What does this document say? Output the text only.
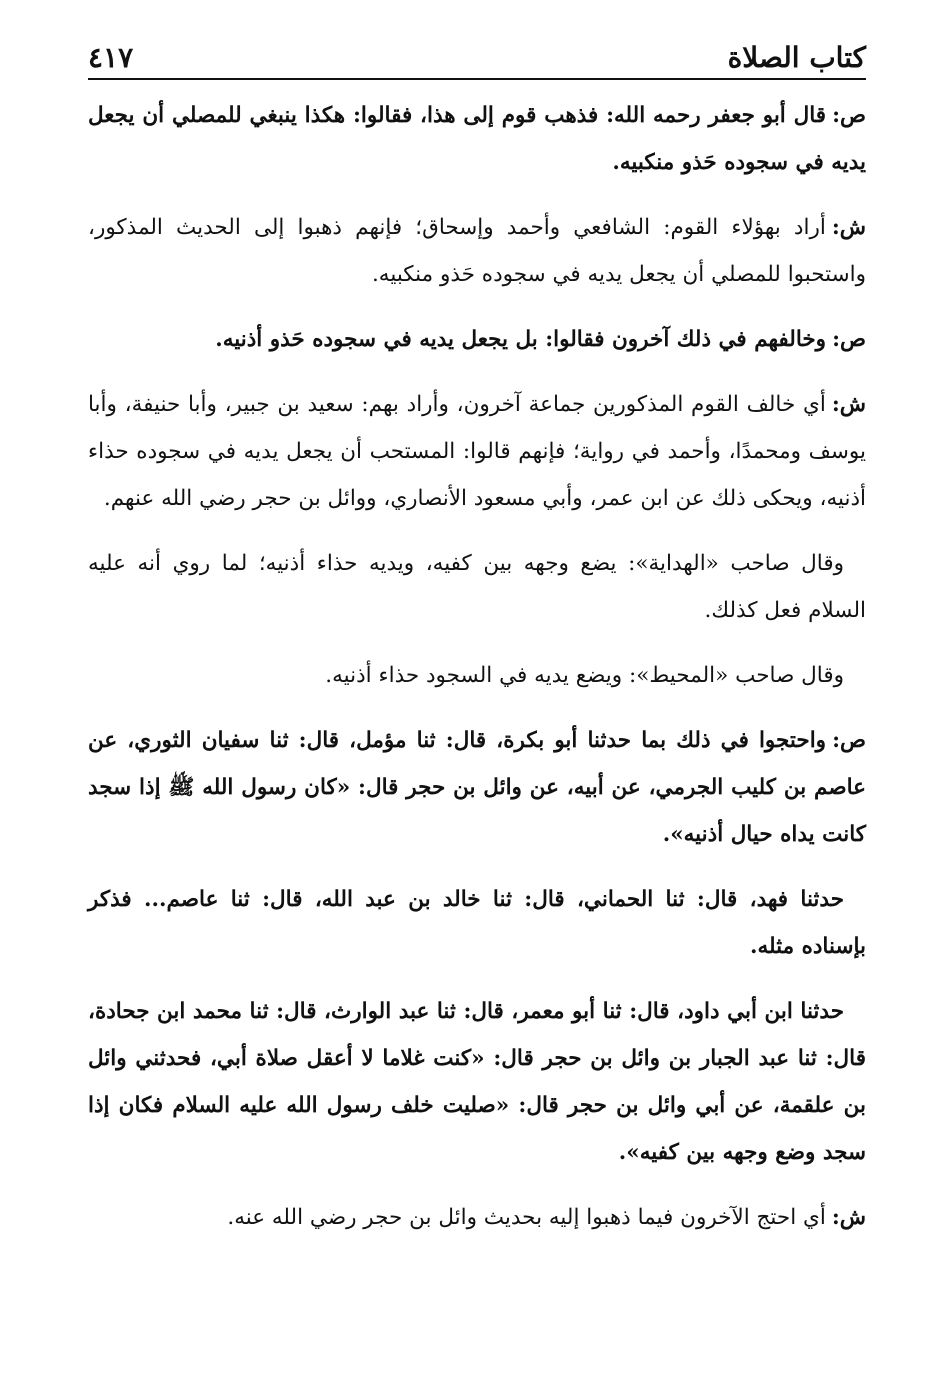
كتاب الصلاة
٤١٧

ص:قال أبو جعفر رحمه الله: فذهب قوم إلى هذا، فقالوا: هكذا ينبغي للمصلي أن يجعل يديه في سجوده حَذو منكبيه.

ش:أراد بهؤلاء القوم: الشافعي وأحمد وإسحاق؛ فإنهم ذهبوا إلى الحديث المذكور، واستحبوا للمصلي أن يجعل يديه في سجوده حَذو منكبيه.

ص:وخالفهم في ذلك آخرون فقالوا: بل يجعل يديه في سجوده حَذو أذنيه.

ش:أي خالف القوم المذكورين جماعة آخرون، وأراد بهم: سعيد بن جبير، وأبا حنيفة، وأبا يوسف ومحمدًا، وأحمد في رواية؛ فإنهم قالوا: المستحب أن يجعل يديه في سجوده حذاء أذنيه، ويحكى ذلك عن ابن عمر، وأبي مسعود الأنصاري، ووائل بن حجر رضي الله عنهم.

وقال صاحب «الهداية»: يضع وجهه بين كفيه، ويديه حذاء أذنيه؛ لما روي أنه عليه السلام فعل كذلك.

وقال صاحب «المحيط»: ويضع يديه في السجود حذاء أذنيه.

ص:واحتجوا في ذلك بما حدثنا أبو بكرة، قال: ثنا مؤمل، قال: ثنا سفيان الثوري، عن عاصم بن كليب الجرمي، عن أبيه، عن وائل بن حجر قال: «كان رسول الله ﷺ إذا سجد كانت يداه حيال أذنيه».

حدثنا فهد، قال: ثنا الحماني، قال: ثنا خالد بن عبد الله، قال: ثنا عاصم... فذكر بإسناده مثله.

حدثنا ابن أبي داود، قال: ثنا أبو معمر، قال: ثنا عبد الوارث، قال: ثنا محمد ابن جحادة، قال: ثنا عبد الجبار بن وائل بن حجر قال: «كنت غلاما لا أعقل صلاة أبي، فحدثني وائل بن علقمة، عن أبي وائل بن حجر قال: «صليت خلف رسول الله عليه السلام فكان إذا سجد وضع وجهه بين كفيه».

ش:أي احتج الآخرون فيما ذهبوا إليه بحديث وائل بن حجر رضي الله عنه.
